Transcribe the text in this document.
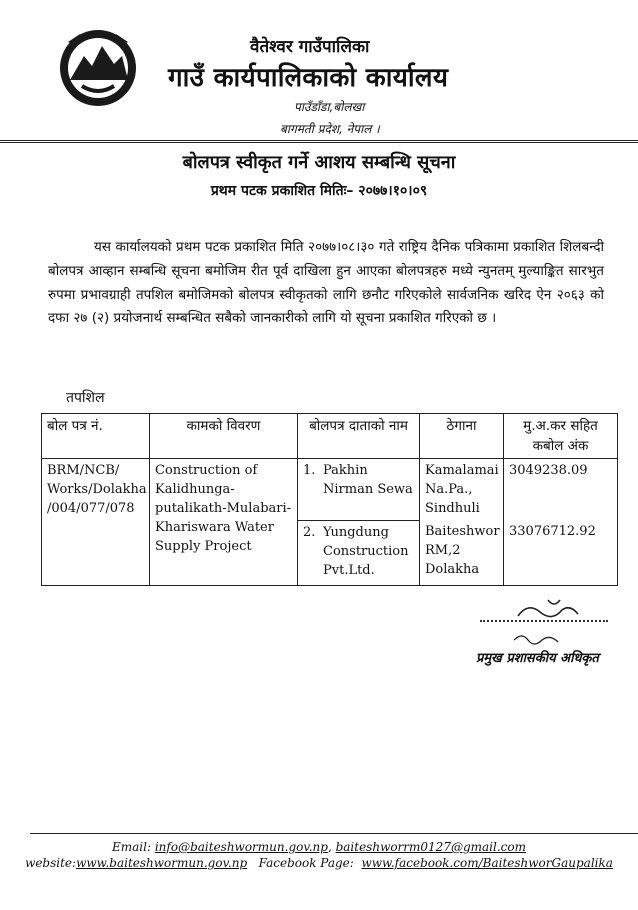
वैतेश्वर गाउँपालिका
गाउँ कार्यपालिकाको कार्यालय
पाउँडाँडा,बोलखा
बागमती प्रदेश, नेपाल ।
बोलपत्र स्वीकृत गर्ने आशय सम्बन्धि सूचना
प्रथम पटक प्रकाशित मितिः– २०७७।१०।०९
यस कार्यालयको प्रथम पटक प्रकाशित मिति २०७७।०८।३० गते राष्ट्रिय दैनिक पत्रिकामा प्रकाशित शिलबन्दी बोलपत्र आव्हान सम्बन्धि सूचना बमोजिम रीत पूर्व दाखिला हुन आएका बोलपत्रहरु मध्ये न्युनतम् मुल्याङ्कित सारभुत रुपमा प्रभावग्राही तपशिल बमोजिमको बोलपत्र स्वीकृतको लागि छनौट गरिएकोले सार्वजनिक खरिद ऐन २०६३ को दफा २७ (२) प्रयोजनार्थ सम्बन्धित सबैको जानकारीको लागि यो सूचना प्रकाशित गरिएको छ ।
तपशिल
बोल पत्र नं.	कामको विवरण	बोलपत्र दाताको नाम	ठेगाना	मु.अ.कर सहित कबोल अंक
BRM/NCB/ Works/Dolakha /004/077/078	Construction of Kalidhunga-putalikath-Mulabari-Khariswara Water Supply Project	1. Pakhin Nirman Sewa	Kamalamai Na.Pa., Sindhuli	3049238.09

		2. Yungdung Construction Pvt.Ltd.	Baiteshwor RM,2 Dolakha	33076712.92
प्रमुख प्रशासकीय अधिकृत
Email: info@baiteshwormun.gov.np, baiteshworrm0127@gmail.com
website:www.baiteshwormun.gov.np   Facebook Page:  www.facebook.com/BaiteshworGaupalika
